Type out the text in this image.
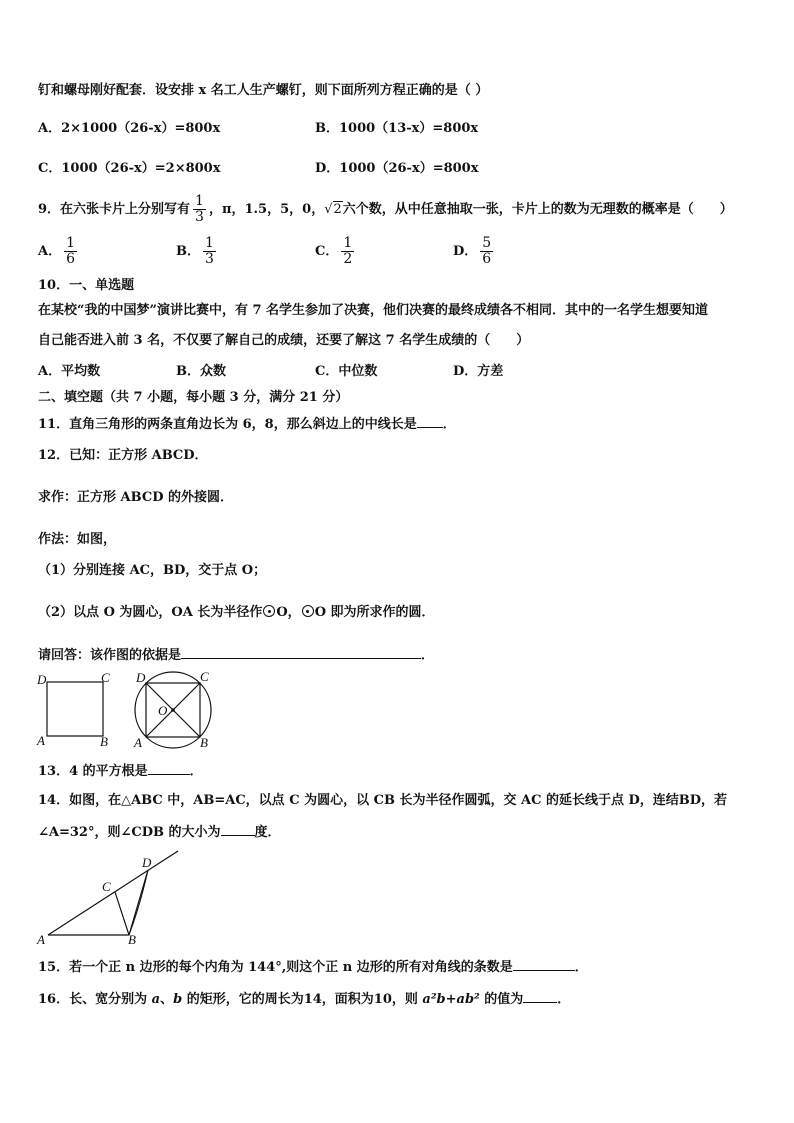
钉和螺母刚好配套．设安排 x 名工人生产螺钉，则下面所列方程正确的是（ ）
A．2×1000（26-x）=800x	B．1000（13-x）=800x
C．1000（26-x）=2×800x	D．1000（26-x）=800x
9．在六张卡片上分别写有 $\frac{1}{3}$ ，π，1.5，5，0，√2六个数，从中任意抽取一张，卡片上的数为无理数的概率是（　　）
A． $\frac{1}{6}$	B． $\frac{1}{3}$	C． $\frac{1}{2}$	D． $\frac{5}{6}$
10．一、单选题
在某校“我的中国梦”演讲比赛中，有 7 名学生参加了决赛，他们决赛的最终成绩各不相同．其中的一名学生想要知道
自己能否进入前 3 名，不仅要了解自己的成绩，还要了解这 7 名学生成绩的（　　）
A．平均数	B．众数	C．中位数	D．方差
二、填空题（共 7 小题，每小题 3 分，满分 21 分）
11．直角三角形的两条直角边长为 6，8，那么斜边上的中线长是 ．
12．已知：正方形 ABCD．
求作：正方形 ABCD 的外接圆．
作法：如图，
（1）分别连接 AC，BD，交于点 O；
（2）以点 O 为圆心，OA 长为半径作 O， O 即为所求作的圆．
请回答：该作图的依据是	．
D	C
A	B
D	C
O
A	B
13．4 的平方根是	．
14．如图，在△ABC 中，AB=AC，以点 C 为圆心，以 CB 长为半径作圆弧，交 AC 的延长线于点 D，连结BD，若
∠A=32°，则∠CDB 的大小为	度．
A	B
C
D
15．若一个正 n 边形的每个内角为 144°,则这个正 n 边形的所有对角线的条数是	．
16．长、宽分别为 a、b 的矩形，它的周长为14，面积为10，则 a²b+ab² 的值为	．
